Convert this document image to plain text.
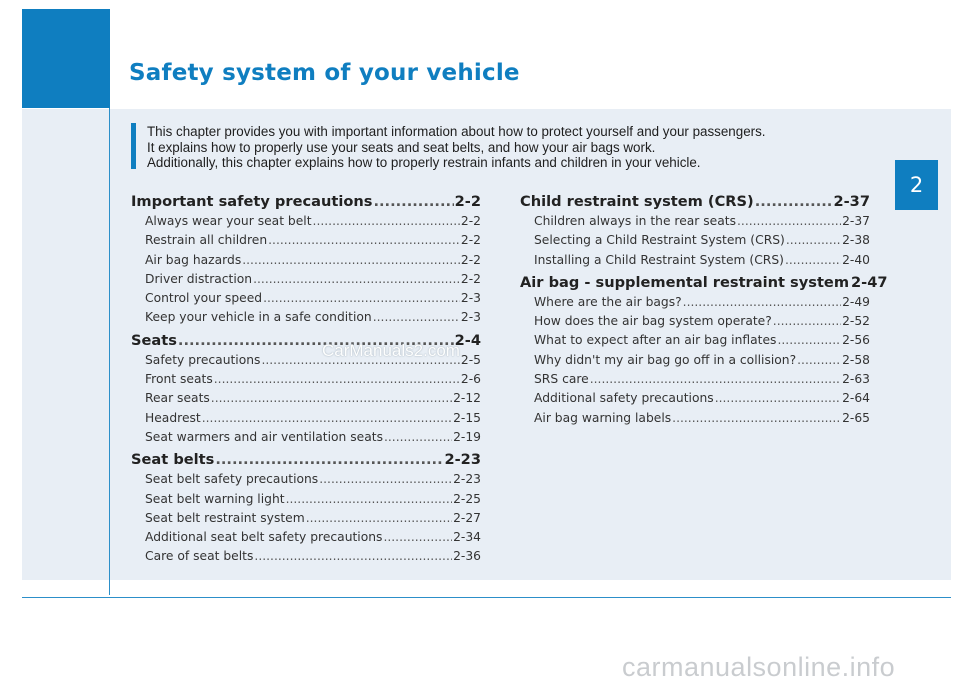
Safety system of your vehicle
This chapter provides you with important information about how to protect yourself and your passengers.
It explains how to properly use your seats and seat belts, and how your air bags work.
Additionally, this chapter explains how to properly restrain infants and children in your vehicle.
2
Important safety precautions .....	2-2
Always wear your seat belt .....	2-2
Restrain all children .....	2-2
Air bag hazards .....	2-2
Driver distraction .....	2-2
Control your speed .....	2-3
Keep your vehicle in a safe condition .....	2-3
Seats .....	2-4
Safety precautions .....	2-5
Front seats .....	2-6
Rear seats .....	2-12
Headrest .....	2-15
Seat warmers and air ventilation seats .....	2-19
Seat belts .....	2-23
Seat belt safety precautions .....	2-23
Seat belt warning light .....	2-25
Seat belt restraint system .....	2-27
Additional seat belt safety precautions .....	2-34
Care of seat belts .....	2-36
Child restraint system (CRS) .....	2-37
Children always in the rear seats .....	2-37
Selecting a Child Restraint System (CRS) .....	2-38
Installing a Child Restraint System (CRS) .....	2-40
Air bag - supplemental restraint system 2-47
Where are the air bags? .....	2-49
How does the air bag system operate? .....	2-52
What to expect after an air bag inflates .....	2-56
Why didn't my air bag go off in a collision? .....	2-58
SRS care .....	2-63
Additional safety precautions .....	2-64
Air bag warning labels .....	2-65
CarManuals2.com
carmanualsonline.info
